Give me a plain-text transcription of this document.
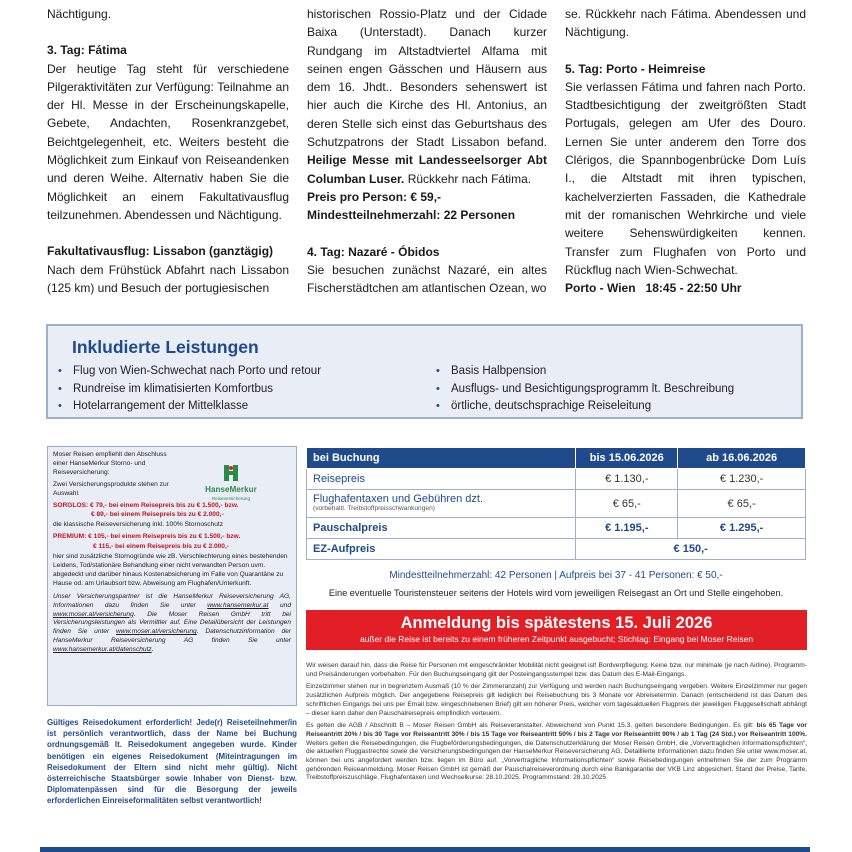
Nächtigung.

3. Tag: Fátima

Der heutige Tag steht für verschiedene Pilgeraktivitäten zur Verfügung: Teilnahme an der Hl. Messe in der Erscheinungskapelle, Gebete, Andachten, Rosenkranzgebet, Beichtgelegenheit, etc. Weiters besteht die Möglichkeit zum Einkauf von Reiseandenken und deren Weihe. Alternativ haben Sie die Möglichkeit an einem Fakultativausflug teilzunehmen. Abendessen und Nächtigung.

Fakultativausflug: Lissabon (ganztägig)

Nach dem Frühstück Abfahrt nach Lissabon (125 km) und Besuch der portugiesischen

historischen Rossio-Platz und der Cidade Baixa (Unterstadt). Danach kurzer Rundgang im Altstadtviertel Alfama mit seinen engen Gässchen und Häusern aus dem 16. Jhdt.. Besonders sehenswert ist hier auch die Kirche des Hl. Antonius, an deren Stelle sich einst das Geburtshaus des Schutzpatrons der Stadt Lissabon befand. Heilige Messe mit Landesseelsorger Abt Columban Luser. Rückkehr nach Fátima.

Preis pro Person: € 59,-

Mindestteilnehmerzahl: 22 Personen

4. Tag: Nazaré - Óbidos

Sie besuchen zunächst Nazaré, ein altes Fischerstädtchen am atlantischen Ozean, wo

se. Rückkehr nach Fátima. Abendessen und Nächtigung.

5. Tag: Porto - Heimreise

Sie verlassen Fátima und fahren nach Porto. Stadtbesichtigung der zweitgrößten Stadt Portugals, gelegen am Ufer des Douro. Lernen Sie unter anderem den Torre dos Clérigos, die Spannbogenbrücke Dom Luís I., die Altstadt mit ihren typischen, kachelverzierten Fassaden, die Kathedrale mit der romanischen Wehrkirche und viele weitere Sehenswürdigkeiten kennen. Transfer zum Flughafen von Porto und Rückflug nach Wien-Schwechat.

Porto - Wien   18:45 - 22:50 Uhr

Inkludierte Leistungen
• Flug von Wien-Schwechat nach Porto und retour
• Rundreise im klimatisierten Komfortbus
• Hotelarrangement der Mittelklasse
• Basis Halbpension
• Ausflugs- und Besichtigungsprogramm lt. Beschreibung
• örtliche, deutschsprachige Reiseleitung
HanseMerkur
Reiseversicherung

Moser Reisen empfiehlt den Abschluss einer HanseMerkur Storno- und Reiseversicherung:

Zwei Versicherungsprodukte stehen zur Auswahl.

SORGLOS: € 79,- bei einem Reisepreis bis zu € 1.500,- bzw.

€ 89,- bei einem Reisepreis bis zu € 2.000,-

die klassische Reiseversicherung inkl. 100% Stornoschutz

PREMIUM: € 105,- bei einem Reisepreis bis zu € 1.500,- bzw.

€ 115,- bei einem Reisepreis bis zu € 2.000,-

hier sind zusätzliche Stornogründe wie zB. Verschlechterung eines bestehenden Leidens, Tod/stationäre Behandlung einer nicht verwandten Person uvm. abgedeckt und darüber hinaus Kostenabsicherung im Falle von Quarantäne zu Hause od. am Urlaubsort bzw. Abweisung am Flughafen/Unterkunft.

Unser Versicherungspartner ist die HanseMerkur Reiseversicherung AG, Informationen dazu finden Sie unter www.hansemerkur.at und www.moser.at/versicherung. Die Moser Reisen GmbH tritt bei Versicherungsleistungen als Vermittler auf. Eine Detailübersicht der Leistungen finden Sie unter www.moser.at/versicherung. Datenschutzinformation der HanseMerkur Reiseversicherung AG finden Sie unter www.hansemerkur.at/datenschutz.

Gültiges Reisedokument erforderlich! Jede(r) Reiseteilnehmer/in ist persönlich verantwortlich, dass der Name bei Buchung ordnungsgemäß lt. Reisedokument angegeben wurde. Kinder benötigen ein eigenes Reisedokument (Miteintragungen im Reisedokument der Eltern sind nicht mehr gültig). Nicht österreichische Staatsbürger sowie Inhaber von Dienst- bzw. Diplomatenpässen sind für die Besorgung der jeweils erforderlichen Einreiseformalitäten selbst verantwortlich!
bei Buchung	bis 15.06.2026	ab 16.06.2026
Reisepreis	€ 1.130,-	€ 1.230,-
Flughafentaxen und Gebühren dzt.
(vorbehaltl. Treibstoffpreisschwankungen)	€ 65,-	€ 65,-
Pauschalpreis	€ 1.195,-	€ 1.295,-
EZ-Aufpreis	€ 150,-	
Mindestteilnehmerzahl: 42 Personen | Aufpreis bei 37 - 41 Personen: € 50,-
Eine eventuelle Touristensteuer seitens der Hotels wird vom jeweiligen Reisegast an Ort und Stelle eingehoben.
Anmeldung bis spätestens 15. Juli 2026
außer die Reise ist bereits zu einem früheren Zeitpunkt ausgebucht; Stichtag: Eingang bei Moser Reisen

Wir weisen darauf hin, dass die Reise für Personen mit eingeschränkter Mobilität nicht geeignet ist! Bordverpflegung: Keine bzw. nur minimale (je nach Airline). Programm- und Preisänderungen vorbehalten. Für den Buchungseingang gilt der Posteingangsstempel bzw. das Datum des E-Mail-Eingangs.

Einzelzimmer stehen nur in begrenztem Ausmaß (10 % der Zimmeranzahl) zur Verfügung und werden nach Buchungseingang vergeben. Weitere Einzelzimmer nur gegen zusätzlichen Aufpreis möglich. Der angegebene Reisepreis gilt lediglich bei Reisebuchung bis 3 Monate vor Abreisetermin. Danach (entscheidend ist das Datum des schriftlichen Eingangs bei uns per Email bzw. eingeschriebenen Brief) gilt ein höherer Preis, welcher vom tagesaktuellen Flugpreis der jeweiligen Fluggesellschaft abhängt – dieser kann daher den Pauschalreisepreis empfindlich verteuern.

Es gelten die AGB / Abschnitt B – Moser Reisen GmbH als Reiseveranstalter. Abweichend von Punkt 15.3. gelten besondere Bedingungen. Es gilt: bis 65 Tage vor Reiseantritt 20% / bis 30 Tage vor Reiseantritt 30% / bis 15 Tage vor Reiseantritt 50% / bis 2 Tage vor Reiseantritt 90% / ab 1 Tag (24 Std.) vor Reiseantritt 100%. Weiters gelten die Reisebedingungen, die Flugbeförderungsbedingungen, die Datenschutzerklärung der Moser Reisen GmbH, die „Vorvertraglichen Informationspflichten“, die aktuellen Fluggastrechte sowie die Versicherungsbedingungen der HanseMerkur Reiseversicherung AG. Detaillierte Informationen dazu finden Sie unter www.moser.at, können bei uns angefordert werden bzw. liegen im Büro auf. „Vorvertragliche Informationspflichten“ sowie Reisebedingungen entnehmen Sie der zum Programm gehörenden Reiseanmeldung. Moser Reisen GmbH ist gemäß der Pauschalreiseverordnung durch eine Bankgarantie der VKB Linz abgesichert. Stand der Preise, Tarife, Treibstoffpreiszuschläge, Flughafentaxen und Wechselkurse: 28.10.2025. Programmstand: 28.10.2025
